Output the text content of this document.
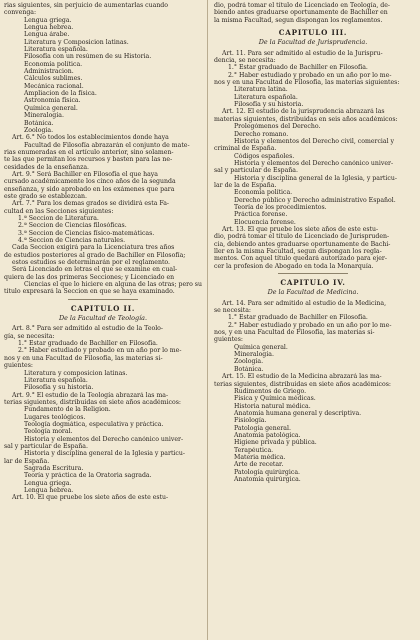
rias siguientes, sin perjuicio de aumentarlas cuando
convenga:
Lengua griega.
Lengua hebrea.
Lengua árabe.
Literatura y Composicion latinas.
Literatura española.
Filosofía con un resúmen de su Historia.
Economía política.
Administracion.
Cálculos sublimes.
Mecánica racional.
Ampliacion de la física.
Astronomía física.
Química general.
Mineralogía.
Botánica.
Zoología.
Art. 6.° No todos los establecimientos donde haya
Facultad de Filosofía abrazarán el conjunto de mate-
rias enumeradas en el artículo anterior, sino solamen-
te las que permitan los recursos y basten para las ne-
cesidades de la enseñanza.
Art. 9.° Será Bachiller en Filosofía el que haya
cursado académicamente los cinco años de la segunda
enseñanza, y sido aprobado en los exámenes que para
este grado se establezcan.
Art. 7.° Para los demas grados se dividirá esta Fa-
cultad en las Secciones siguientes:
1.ª Seccion de Literatura.
2.ª Seccion de Ciencias filosóficas.
3.ª Seccion de Ciencias físico-matemáticas.
4.ª Seccion de Ciencias naturales.
Cada Seccion exigirá para la Licenciatura tres años
de estudios posteriores al grado de Bachiller en Filosofía;
estos estudios se determinarán por el reglamento.
Será Licenciado en letras el que se examine en cual-
quiera de las dos primeras Secciones; y Licenciado en
Ciencias el que lo hiciere en alguna de las otras; pero su
título expresará la Seccion en que se haya examinado.
CAPITULO II.
De la Facultad de Teología.
Art. 8.° Para ser admitido al estudio de la Teolo-
gía, se necesita:
1.° Estar graduado de Bachiller en Filosofía.
2.° Haber estudiado y probado en un año por lo me-
nos y en una Facultad de Filosofía, las materias si-
guientes:
Literatura y composicion latinas.
Literatura española.
Filosofía y su historia.
Art. 9.° El estudio de la Teología abrazará las ma-
terias siguientes, distribuidas en siete años académicos:
Fundamento de la Religion.
Lugares teológicos.
Teología dogmática, especulativa y práctica.
Teología moral.
Historia y elementos del Derecho canónico univer-
sal y particular de España.
Historia y disciplina general de la Iglesia y particu-
lar de España.
Sagrada Escritura.
Teoría y práctica de la Oratoria sagrada.
Lengua griega.
Lengua hebrea.
Art. 10. El que pruebe los siete años de este estu-
dio, podrá tomar el título de Licenciado en Teología, de-
biendo antes graduarse oportunamente de Bachiller en
la misma Facultad, segun dispongan los reglamentos.
CAPITULO III.
De la Facultad de Jurisprudencia.
Art. 11. Para ser admitido al estudio de la Jurispru-
dencia, se necesita:
1.° Estar graduado de Bachiller en Filosofía.
2.° Haber estudiado y probado en un año por lo me-
nos y en una Facultad de Filosofía, las materias siguientes:
Literatura latina.
Literatura española.
Filosofía y su historia.
Art. 12. El estudio de la jurisprudencia abrazará las
materias siguientes, distribuidas en seis años académicos:
Prolegómenos del Derecho.
Derecho romano.
Historia y elementos del Derecho civil, comercial y
criminal de España.
Códigos españoles.
Historia y elementos del Derecho canónico univer-
sal y particular de España.
Historia y disciplina general de la Iglesia, y particu-
lar de la de España.
Economía política.
Derecho público y Derecho administrativo Español.
Teoría de los procedimientos.
Práctica forense.
Elocuencia forense.
Art. 13. El que pruebe los siete años de este estu-
dio, podrá tomar el título de Licenciado de Jurispruden-
cia, debiendo antes graduarse oportunamente de Bachi-
ller en la misma Facultad, segun dispongan los regla-
mentos. Con aquel título quedará autorizado para ejer-
cer la profesion de Abogado en toda la Monarquía.
CAPITULO IV.
De la Facultad de Medicina.
Art. 14. Para ser admitido al estudio de la Medicina,
se necesita:
1.° Estar graduado de Bachiller en Filosofía.
2.° Haber estudiado y probado en un año por lo me-
nos, y en una Facultad de Filosofía, las materias si-
guientes:
Química general.
Mineralogía.
Zoología.
Botánica.
Art. 15. El estudio de la Medicina abrazará las ma-
terias siguientes, distribuidas en siete años académicos:
Rudimentos de Griego.
Física y Química médicas.
Historia natural médica.
Anatomía humana general y descriptiva.
Fisiología.
Patología general.
Anatomía patológica.
Higiene privada y pública.
Terapéutica.
Materia médica.
Arte de recetar.
Patología quirúrgica.
Anatomía quirúrgica.
